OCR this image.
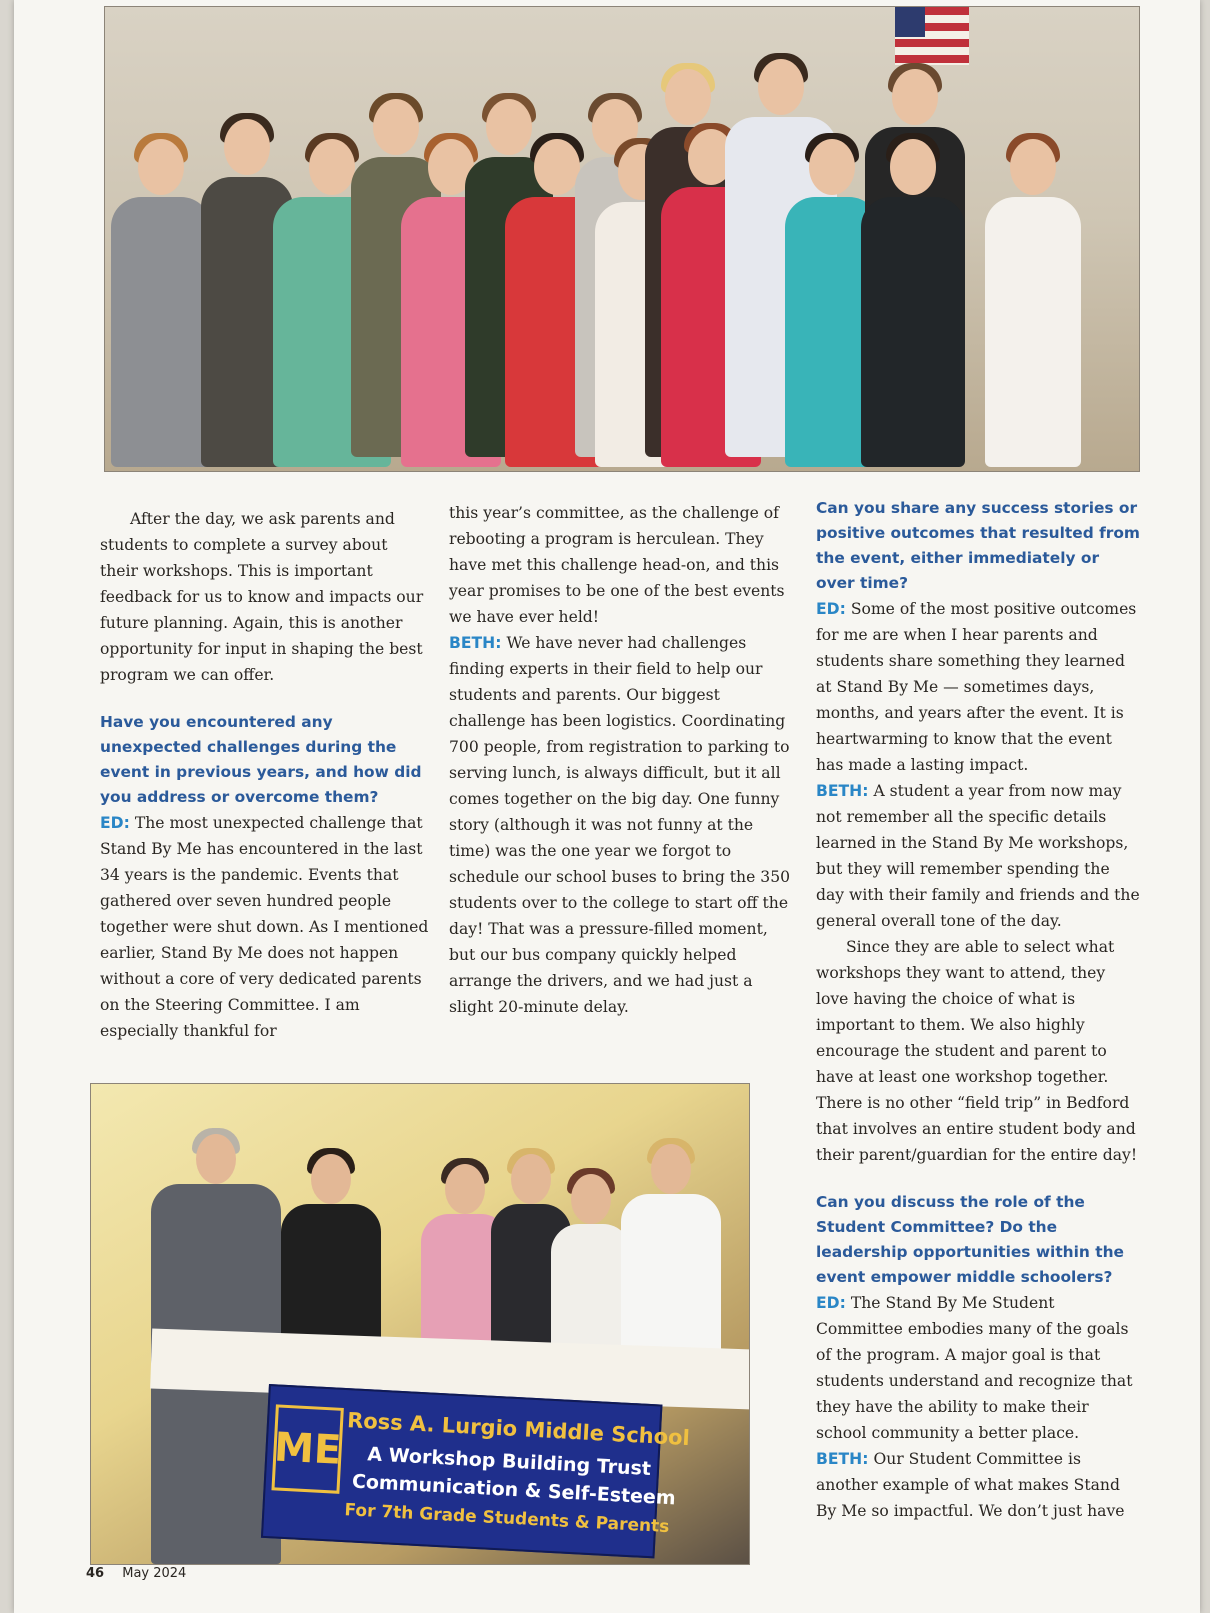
After the day, we ask parents and students to complete a survey about their workshops. This is important feedback for us to know and impacts our future planning. Again, this is another opportunity for input in shaping the best program we can offer.

Have you encountered any unexpected challenges during the event in previous years, and how did you address or overcome them?

ED: The most unexpected challenge that Stand By Me has encountered in the last 34 years is the pandemic. Events that gathered over seven hundred people together were shut down. As I mentioned earlier, Stand By Me does not happen without a core of very dedicated parents on the Steering Committee. I am especially thankful for

this year’s committee, as the challenge of rebooting a program is herculean. They have met this challenge head-on, and this year promises to be one of the best events we have ever held!

BETH: We have never had challenges finding experts in their field to help our students and parents. Our biggest challenge has been logistics. Coordinating 700 people, from registration to parking to serving lunch, is always difficult, but it all comes together on the big day. One funny story (although it was not funny at the time) was the one year we forgot to schedule our school buses to bring the 350 students over to the college to start off the day! That was a pressure-filled moment, but our bus company quickly helped arrange the drivers, and we had just a slight 20-minute delay.

Can you share any success stories or positive outcomes that resulted from the event, either immediately or over time?

ED: Some of the most positive outcomes for me are when I hear parents and students share something they learned at Stand By Me — sometimes days, months, and years after the event. It is heartwarming to know that the event has made a lasting impact.

BETH: A student a year from now may not remember all the specific details learned in the Stand By Me workshops, but they will remember spending the day with their family and friends and the general overall tone of the day.

Since they are able to select what workshops they want to attend, they love having the choice of what is important to them. We also highly encourage the student and parent to have at least one workshop together. There is no other “field trip” in Bedford that involves an entire student body and their parent/guardian for the entire day!

Can you discuss the role of the Student Committee? Do the leadership opportunities within the event empower middle schoolers?

ED: The Stand By Me Student Committee embodies many of the goals of the program. A major goal is that students understand and recognize that they have the ability to make their school community a better place.

BETH: Our Student Committee is another example of what makes Stand By Me so impactful. We don’t just have

ME Ross A. Lurgio Middle School
A Workshop Building Trust
Communication & Self-Esteem
For 7th Grade Students & Parents
46 May 2024
